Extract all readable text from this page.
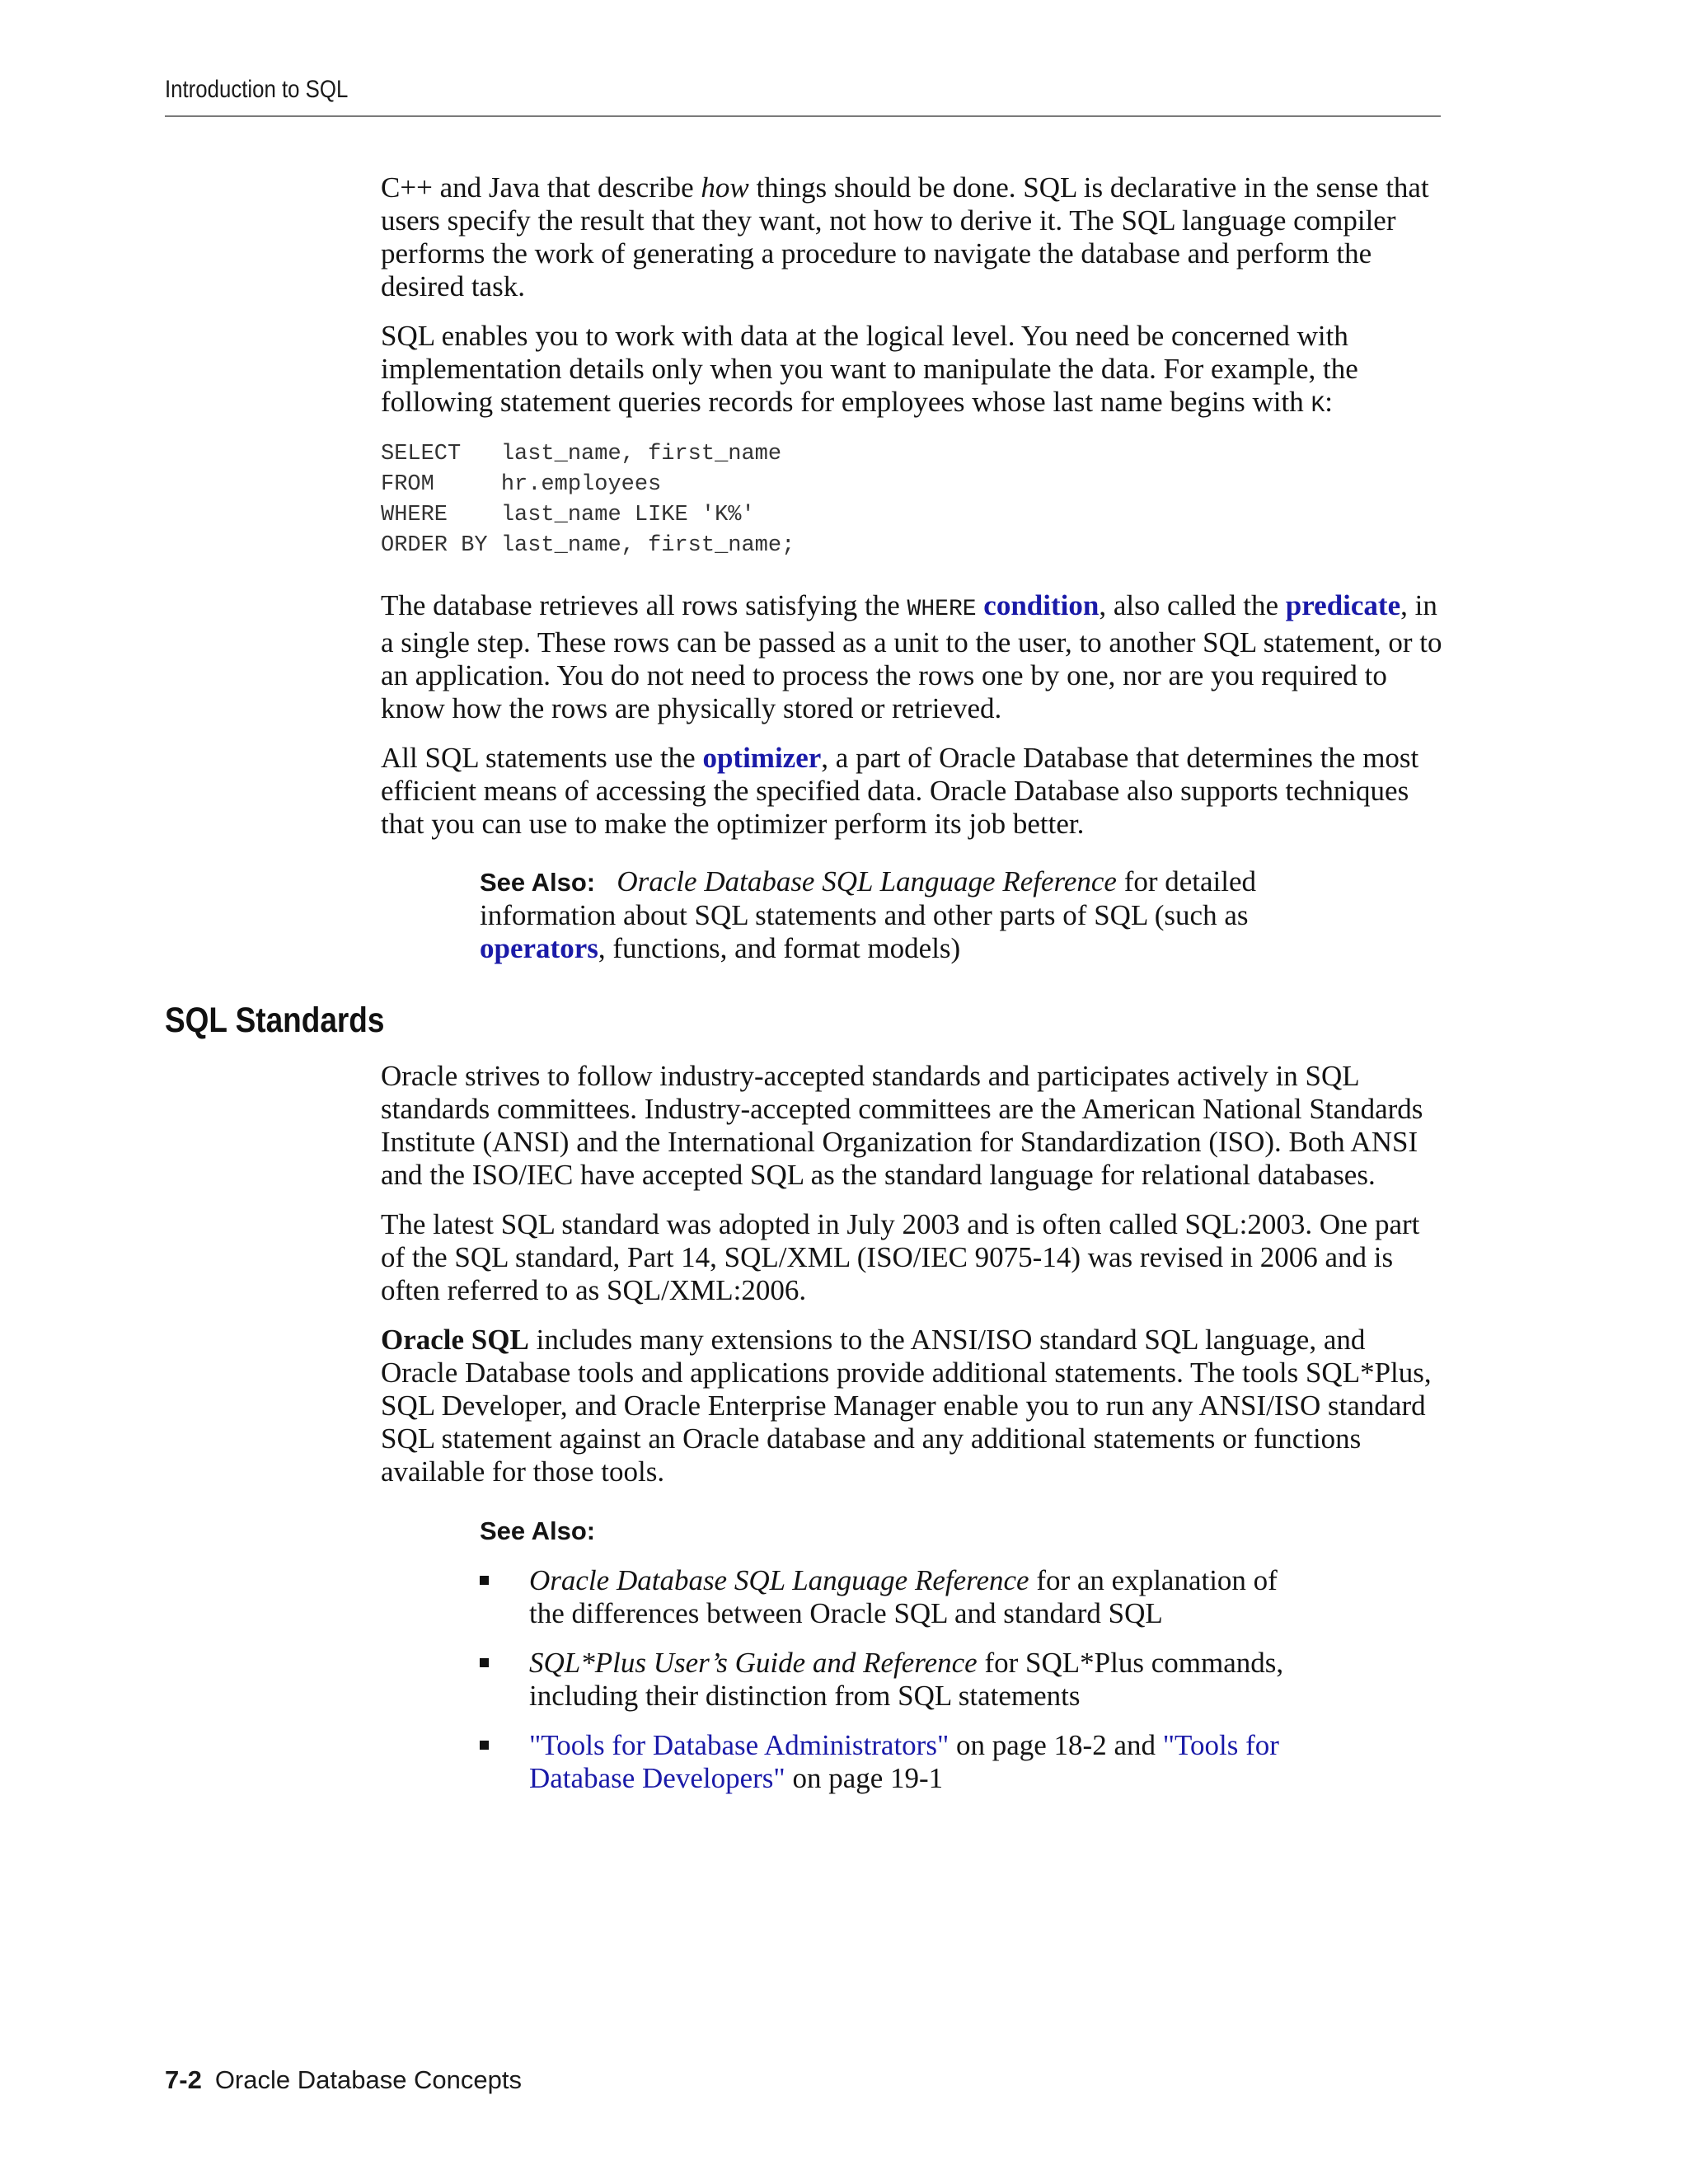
Introduction to SQL

C++ and Java that describe how things should be done. SQL is declarative in the sense that users specify the result that they want, not how to derive it. The SQL language compiler performs the work of generating a procedure to navigate the database and perform the desired task.

SQL enables you to work with data at the logical level. You need be concerned with implementation details only when you want to manipulate the data. For example, the following statement queries records for employees whose last name begins with K:

SELECT   last_name, first_name
FROM     hr.employees
WHERE    last_name LIKE 'K%'
ORDER BY last_name, first_name;

The database retrieves all rows satisfying the WHERE condition, also called the predicate, in a single step. These rows can be passed as a unit to the user, to another SQL statement, or to an application. You do not need to process the rows one by one, nor are you required to know how the rows are physically stored or retrieved.

All SQL statements use the optimizer, a part of Oracle Database that determines the most efficient means of accessing the specified data. Oracle Database also supports techniques that you can use to make the optimizer perform its job better.

See Also: Oracle Database SQL Language Reference for detailed information about SQL statements and other parts of SQL (such as operators, functions, and format models)
SQL Standards

Oracle strives to follow industry-accepted standards and participates actively in SQL standards committees. Industry-accepted committees are the American National Standards Institute (ANSI) and the International Organization for Standardization (ISO). Both ANSI and the ISO/IEC have accepted SQL as the standard language for relational databases.

The latest SQL standard was adopted in July 2003 and is often called SQL:2003. One part of the SQL standard, Part 14, SQL/XML (ISO/IEC 9075-14) was revised in 2006 and is often referred to as SQL/XML:2006.

Oracle SQL includes many extensions to the ANSI/ISO standard SQL language, and Oracle Database tools and applications provide additional statements. The tools SQL*Plus, SQL Developer, and Oracle Enterprise Manager enable you to run any ANSI/ISO standard SQL statement against an Oracle database and any additional statements or functions available for those tools.

See Also:
Oracle Database SQL Language Reference for an explanation of the differences between Oracle SQL and standard SQL
SQL*Plus User’s Guide and Reference for SQL*Plus commands, including their distinction from SQL statements
"Tools for Database Administrators" on page 18-2 and "Tools for Database Developers" on page 19-1
7-2 Oracle Database Concepts
